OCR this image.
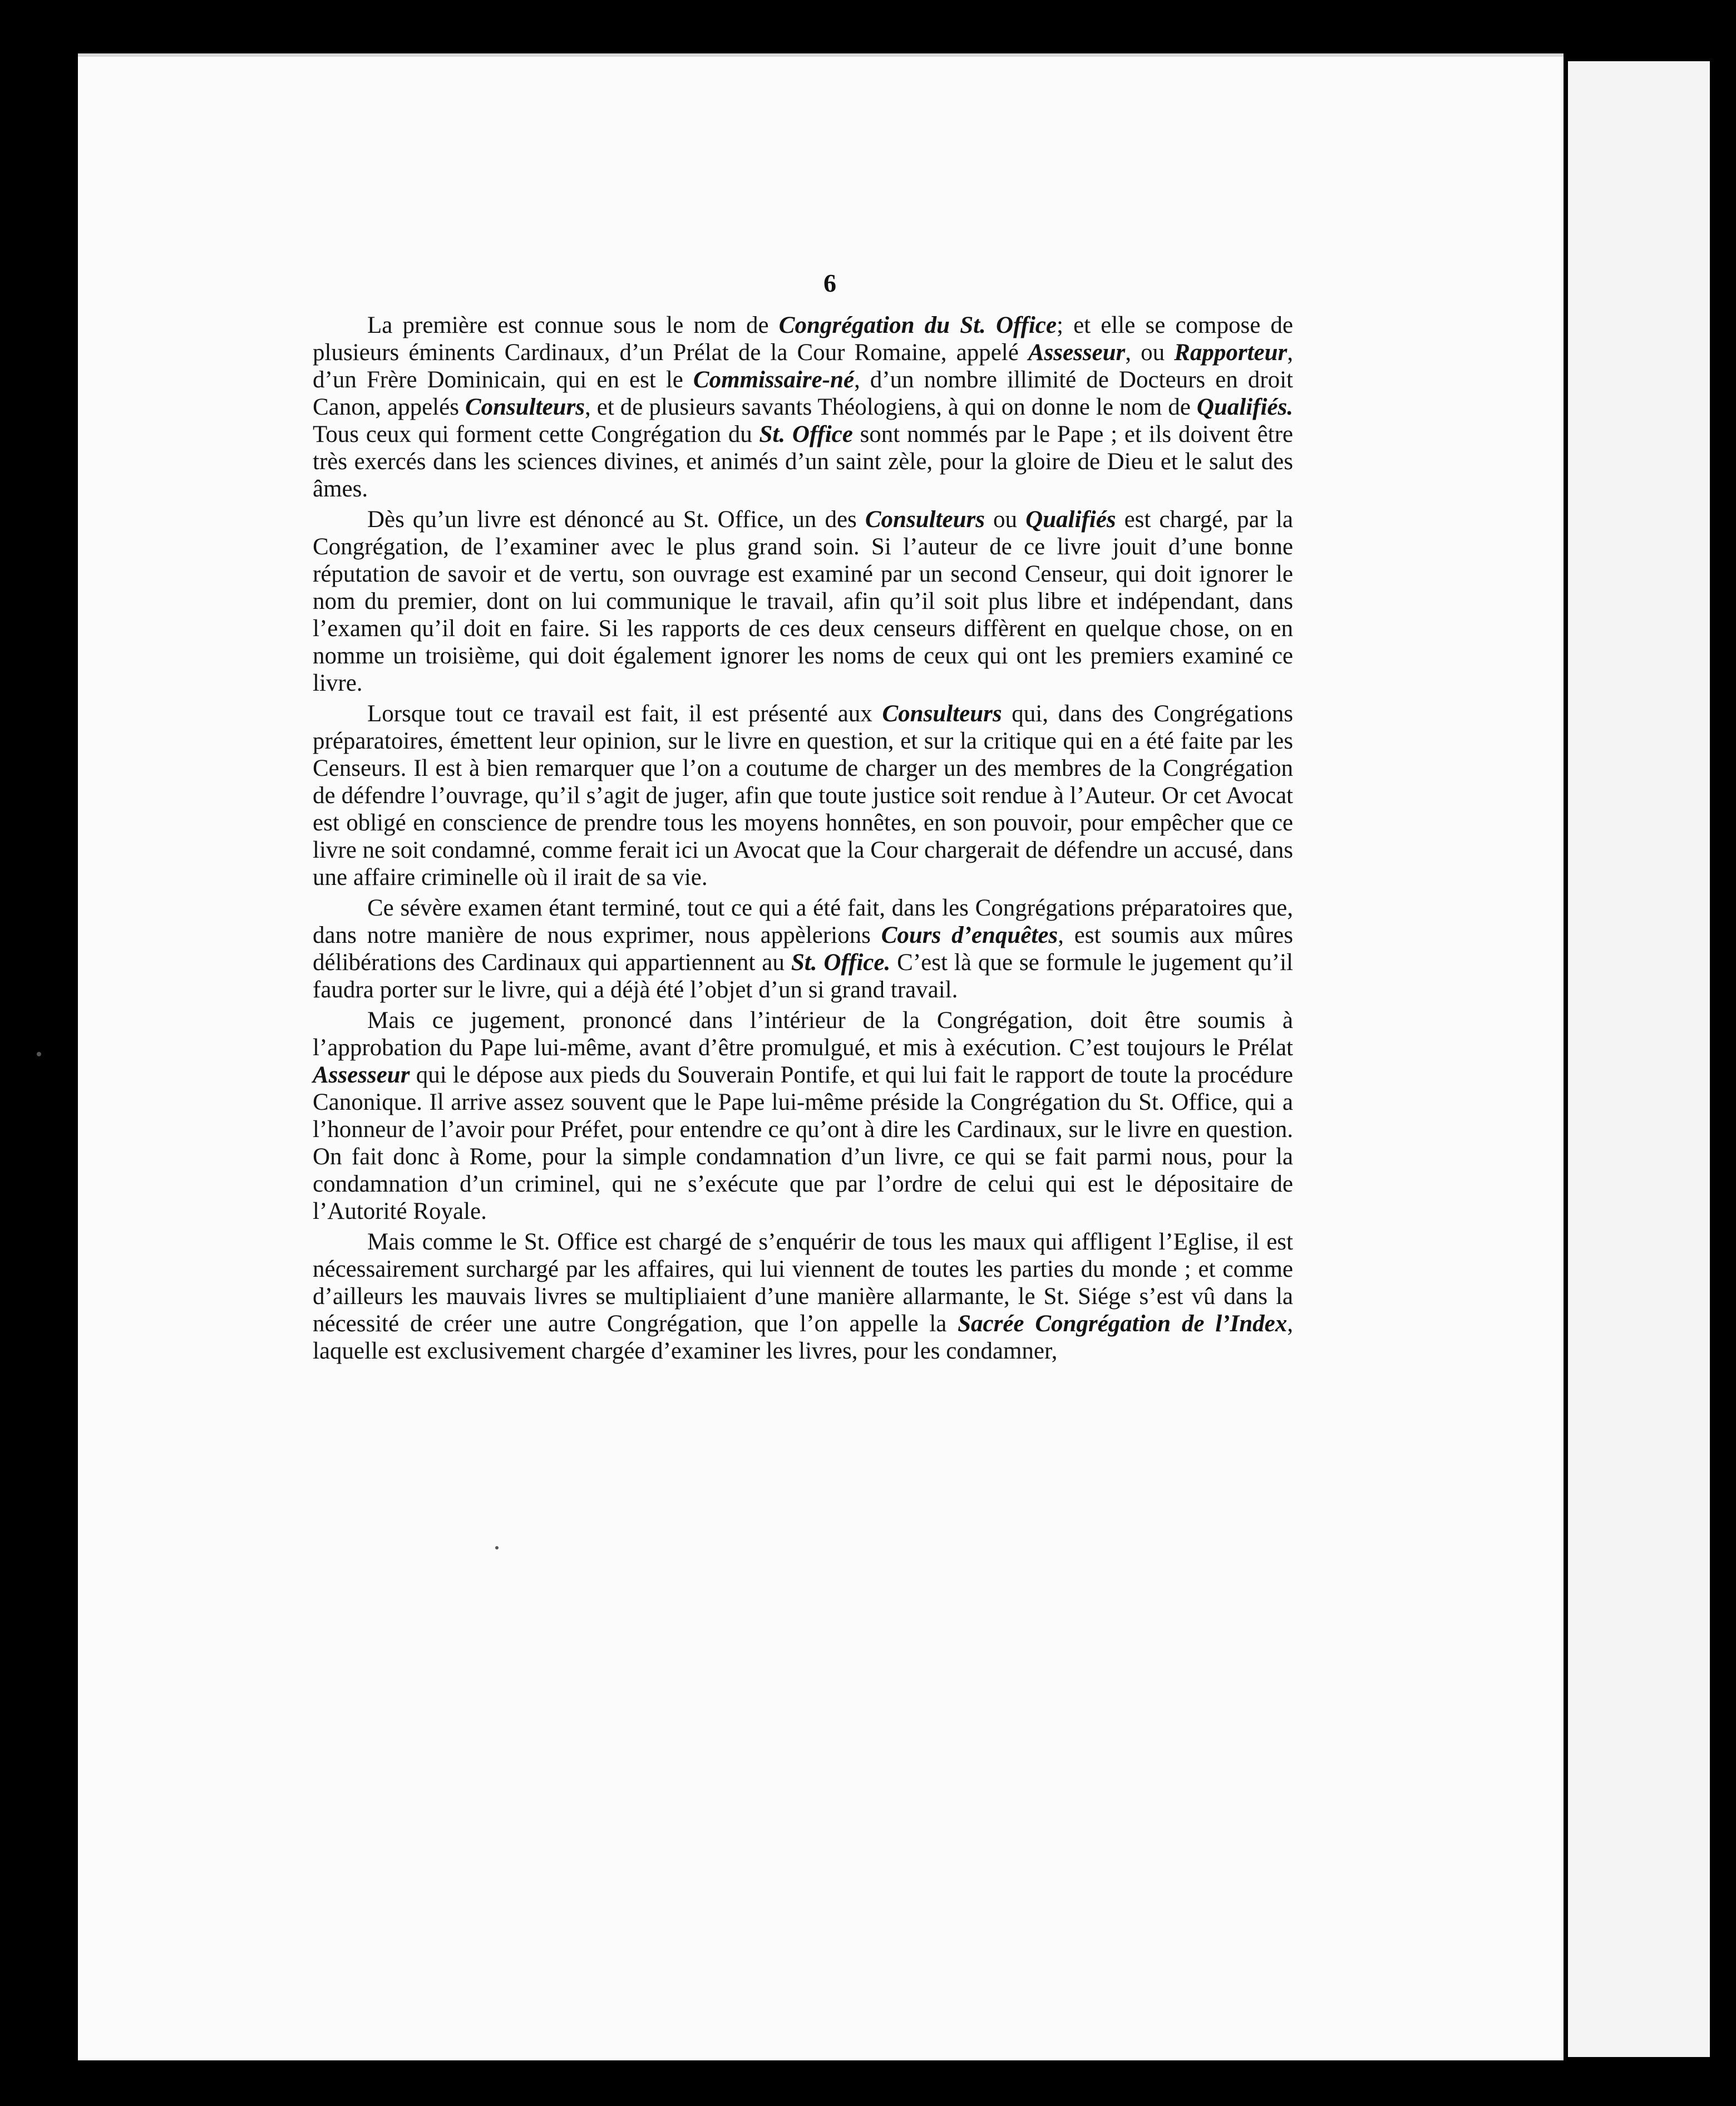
6

La première est connue sous le nom de Congrégation du St. Office; et elle se compose de plusieurs éminents Cardinaux, d’un Prélat de la Cour Romaine, appelé Assesseur, ou Rapporteur, d’un Frère Dominicain, qui en est le Commissaire-né, d’un nombre illimité de Docteurs en droit Canon, appelés Consulteurs, et de plusieurs savants Théologiens, à qui on donne le nom de Qualifiés. Tous ceux qui forment cette Congrégation du St. Office sont nommés par le Pape ; et ils doivent être très exercés dans les sciences divines, et animés d’un saint zèle, pour la gloire de Dieu et le salut des âmes.

Dès qu’un livre est dénoncé au St. Office, un des Consulteurs ou Qualifiés est chargé, par la Congrégation, de l’examiner avec le plus grand soin. Si l’auteur de ce livre jouit d’une bonne réputation de savoir et de vertu, son ouvrage est examiné par un second Censeur, qui doit ignorer le nom du premier, dont on lui communique le travail, afin qu’il soit plus libre et indépendant, dans l’examen qu’il doit en faire. Si les rapports de ces deux censeurs diffèrent en quelque chose, on en nomme un troisième, qui doit également ignorer les noms de ceux qui ont les premiers examiné ce livre.

Lorsque tout ce travail est fait, il est présenté aux Consulteurs qui, dans des Congrégations préparatoires, émettent leur opinion, sur le livre en question, et sur la critique qui en a été faite par les Censeurs. Il est à bien remarquer que l’on a coutume de charger un des membres de la Congrégation de défendre l’ouvrage, qu’il s’agit de juger, afin que toute justice soit rendue à l’Auteur. Or cet Avocat est obligé en conscience de prendre tous les moyens honnêtes, en son pouvoir, pour empêcher que ce livre ne soit condamné, comme ferait ici un Avocat que la Cour chargerait de défendre un accusé, dans une affaire criminelle où il irait de sa vie.

Ce sévère examen étant terminé, tout ce qui a été fait, dans les Congrégations préparatoires que, dans notre manière de nous exprimer, nous appèlerions Cours d’enquêtes, est soumis aux mûres délibérations des Cardinaux qui appartiennent au St. Office. C’est là que se formule le jugement qu’il faudra porter sur le livre, qui a déjà été l’objet d’un si grand travail.

Mais ce jugement, prononcé dans l’intérieur de la Congrégation, doit être soumis à l’approbation du Pape lui-même, avant d’être promulgué, et mis à exécution. C’est toujours le Prélat Assesseur qui le dépose aux pieds du Souverain Pontife, et qui lui fait le rapport de toute la procédure Canonique. Il arrive assez souvent que le Pape lui-même préside la Congrégation du St. Office, qui a l’honneur de l’avoir pour Préfet, pour entendre ce qu’ont à dire les Cardinaux, sur le livre en question. On fait donc à Rome, pour la simple condamnation d’un livre, ce qui se fait parmi nous, pour la condamnation d’un criminel, qui ne s’exécute que par l’ordre de celui qui est le dépositaire de l’Autorité Royale.

Mais comme le St. Office est chargé de s’enquérir de tous les maux qui affligent l’Eglise, il est nécessairement surchargé par les affaires, qui lui viennent de toutes les parties du monde ; et comme d’ailleurs les mauvais livres se multipliaient d’une manière allarmante, le St. Siége s’est vû dans la nécessité de créer une autre Congrégation, que l’on appelle la Sacrée Congrégation de l’Index, laquelle est exclusivement chargée d’examiner les livres, pour les condamner,
